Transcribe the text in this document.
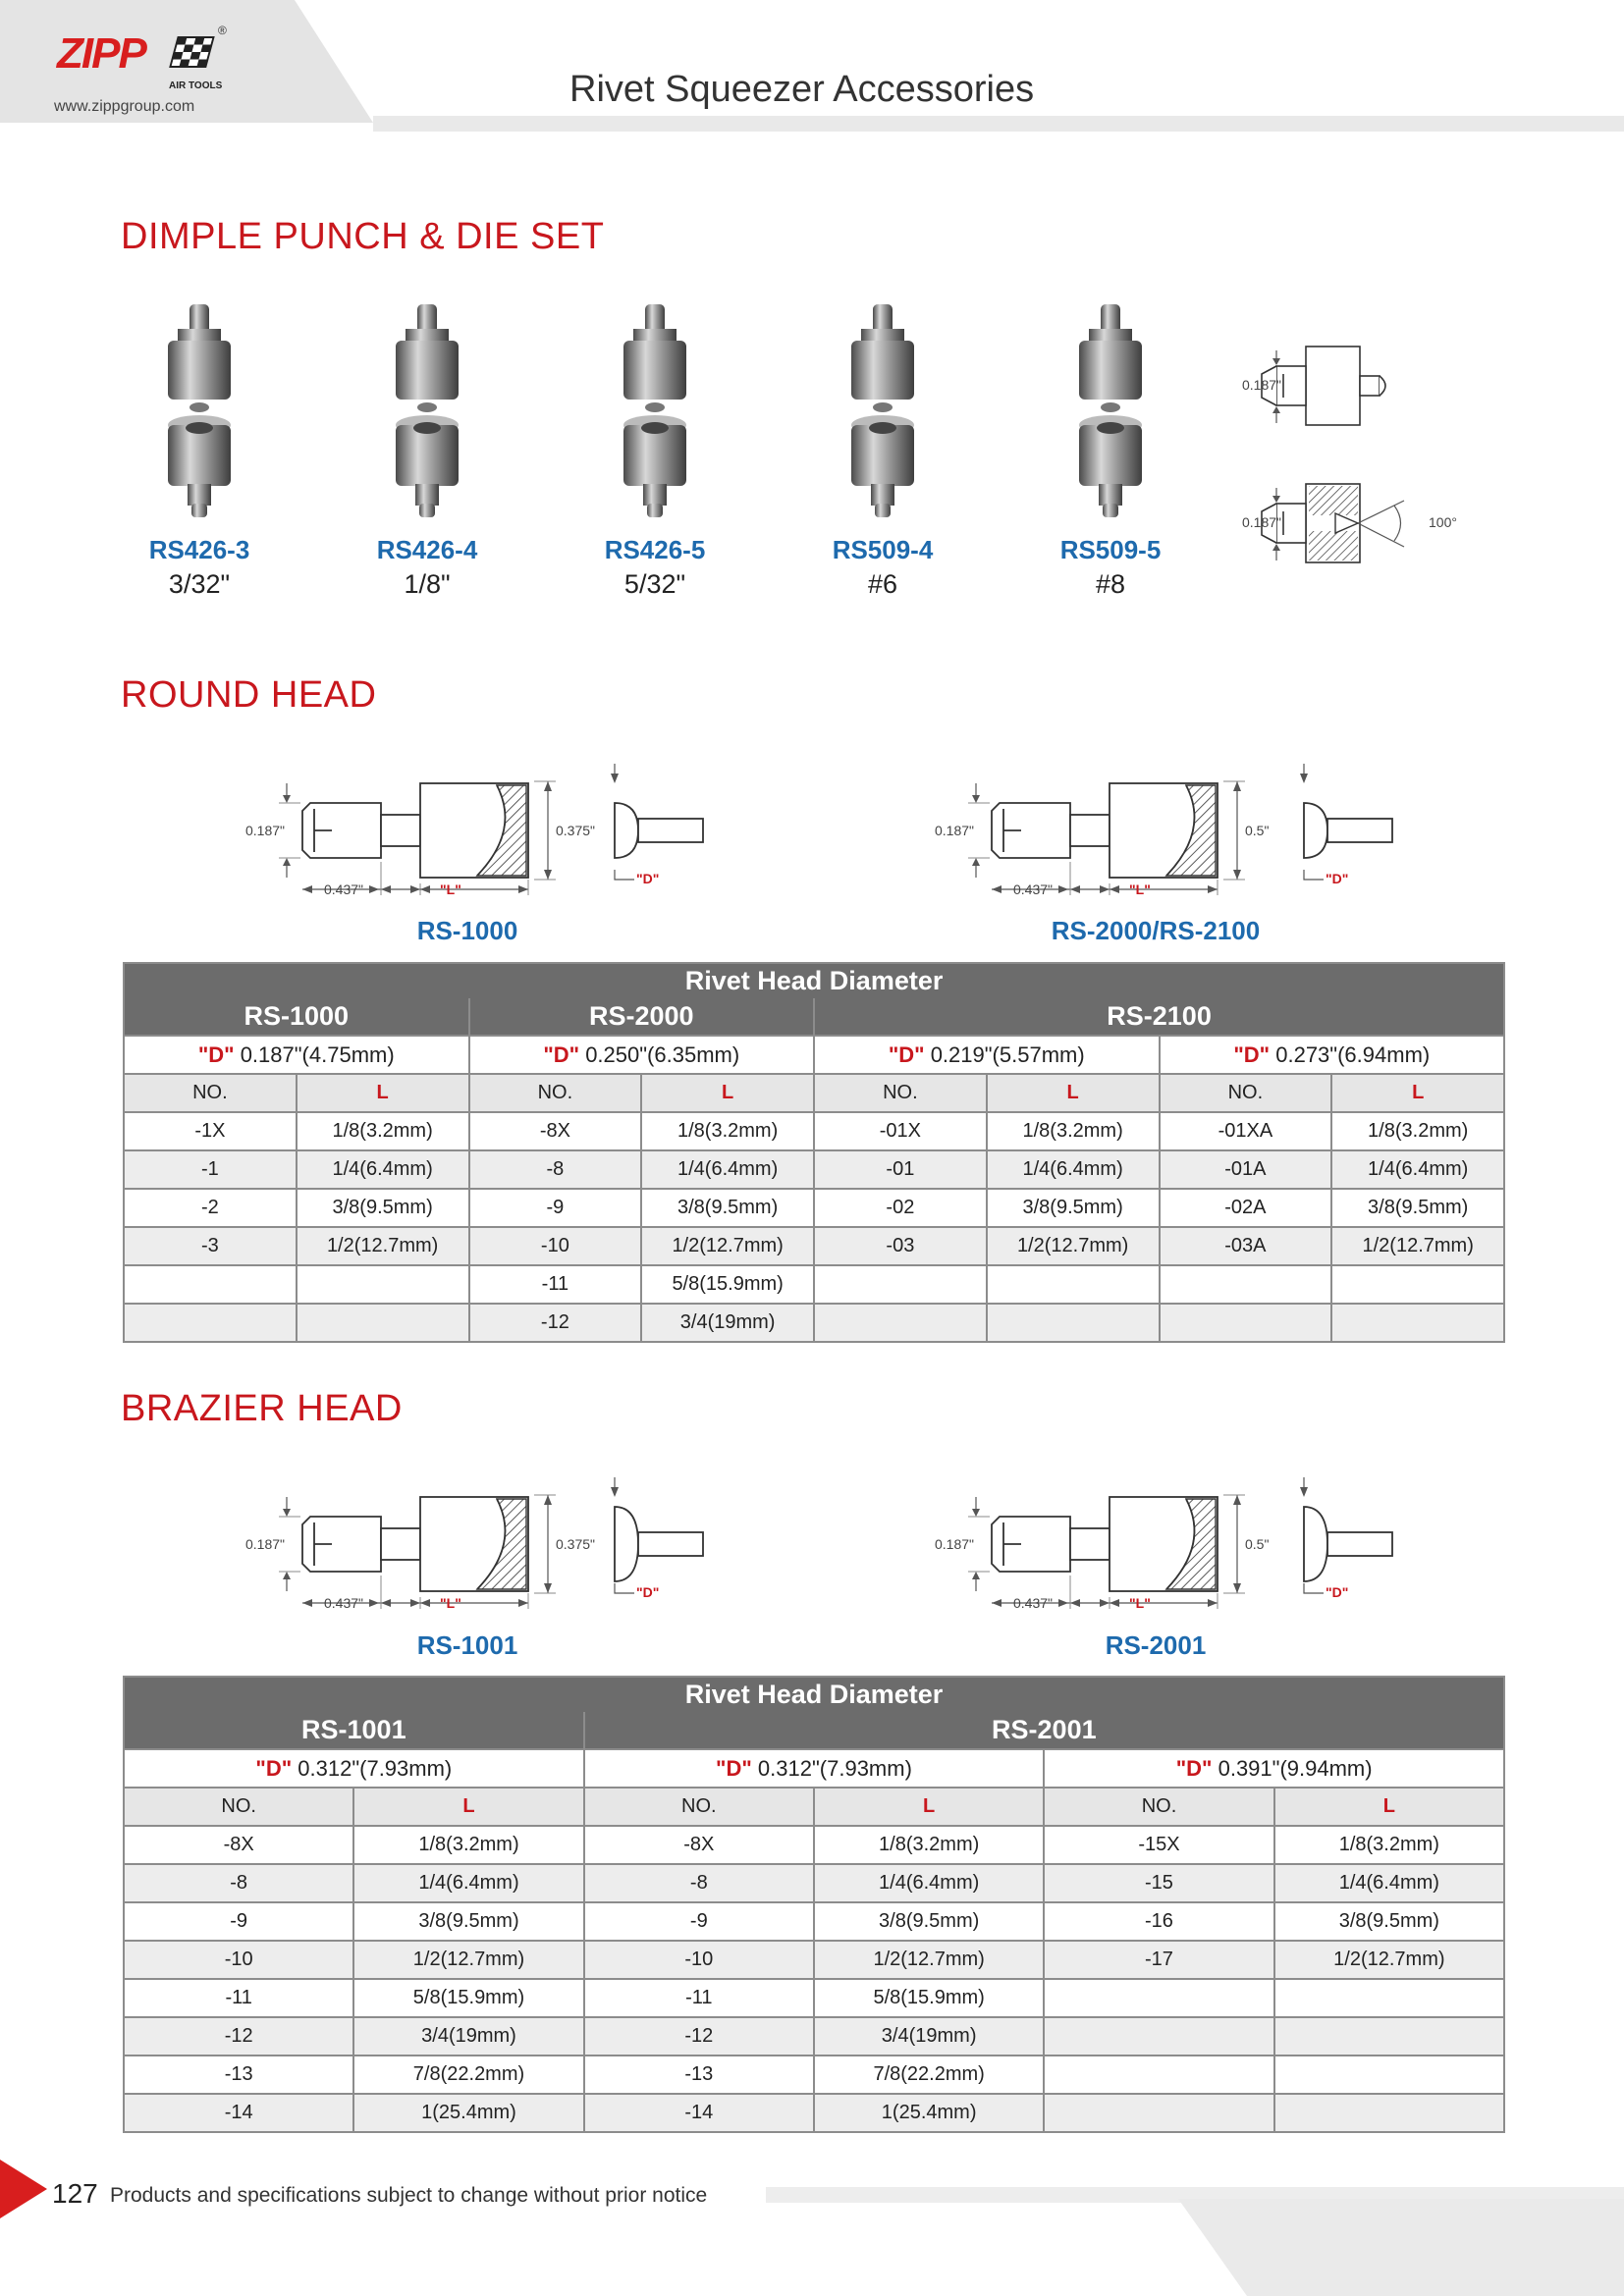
ZIPP	®
AIR TOOLS
www.zippgroup.com	Rivet Squeezer Accessories
DIMPLE PUNCH & DIE SET
RS426-3
3/32"
RS426-4
1/8"
RS426-5
5/32"
RS509-4
#6
RS509-5
#8
0.187"
0.187"	100°
ROUND HEAD
0.187"	0.375"
0.437"	"L"
"D"
0.187"	0.5"
0.437"	"L"
"D"
RS-1000	RS-2000/RS-2100
Rivet Head Diameter							
RS-1000		RS-2000		RS-2100			
"D" 0.187"(4.75mm)		"D" 0.250"(6.35mm)		"D" 0.219"(5.57mm)		"D" 0.273"(6.94mm)	
NO.	L	NO.	L	NO.	L	NO.	L
-1X	1/8(3.2mm)	-8X	1/8(3.2mm)	-01X	1/8(3.2mm)	-01XA	1/8(3.2mm)
-1	1/4(6.4mm)	-8	1/4(6.4mm)	-01	1/4(6.4mm)	-01A	1/4(6.4mm)
-2	3/8(9.5mm)	-9	3/8(9.5mm)	-02	3/8(9.5mm)	-02A	3/8(9.5mm)
-3	1/2(12.7mm)	-10	1/2(12.7mm)	-03	1/2(12.7mm)	-03A	1/2(12.7mm)
		-11	5/8(15.9mm)				
		-12	3/4(19mm)				
BRAZIER HEAD
0.187"	0.375"
0.437"	"L"
"D"
0.187"	0.5"
0.437"	"L"
"D"
RS-1001	RS-2001
Rivet Head Diameter					
RS-1001		RS-2001			
"D" 0.312"(7.93mm)		"D" 0.312"(7.93mm)		"D" 0.391"(9.94mm)	
NO.	L	NO.	L	NO.	L
-8X	1/8(3.2mm)	-8X	1/8(3.2mm)	-15X	1/8(3.2mm)
-8	1/4(6.4mm)	-8	1/4(6.4mm)	-15	1/4(6.4mm)
-9	3/8(9.5mm)	-9	3/8(9.5mm)	-16	3/8(9.5mm)
-10	1/2(12.7mm)	-10	1/2(12.7mm)	-17	1/2(12.7mm)
-11	5/8(15.9mm)	-11	5/8(15.9mm)		
-12	3/4(19mm)	-12	3/4(19mm)		
-13	7/8(22.2mm)	-13	7/8(22.2mm)		
-14	1(25.4mm)	-14	1(25.4mm)		
127 Products and specifications subject to change without prior notice
